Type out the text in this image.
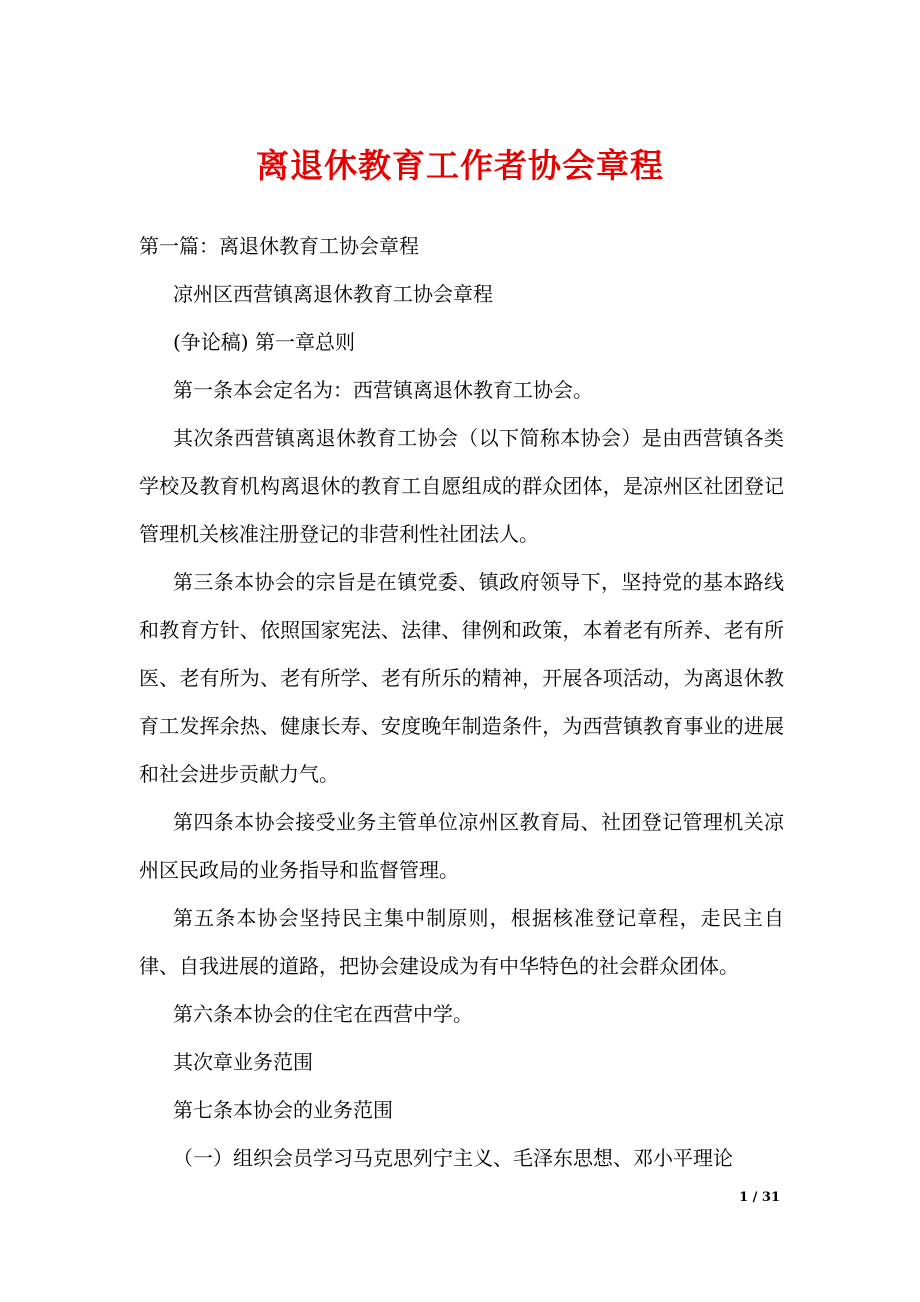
离退休教育工作者协会章程

第一篇：离退休教育工协会章程

凉州区西营镇离退休教育工协会章程

(争论稿) 第一章总则

第一条本会定名为：西营镇离退休教育工协会。

其次条西营镇离退休教育工协会（以下简称本协会）是由西营镇各类学校及教育机构离退休的教育工自愿组成的群众团体，是凉州区社团登记管理机关核准注册登记的非营利性社团法人。

第三条本协会的宗旨是在镇党委、镇政府领导下，坚持党的基本路线和教育方针、依照国家宪法、法律、律例和政策，本着老有所养、老有所医、老有所为、老有所学、老有所乐的精神，开展各项活动，为离退休教育工发挥余热、健康长寿、安度晚年制造条件，为西营镇教育事业的进展和社会进步贡献力气。

第四条本协会接受业务主管单位凉州区教育局、社团登记管理机关凉州区民政局的业务指导和监督管理。

第五条本协会坚持民主集中制原则，根据核准登记章程，走民主自律、自我进展的道路，把协会建设成为有中华特色的社会群众团体。

第六条本协会的住宅在西营中学。

其次章业务范围

第七条本协会的业务范围

（一）组织会员学习马克思列宁主义、毛泽东思想、邓小平理论

1 / 31
